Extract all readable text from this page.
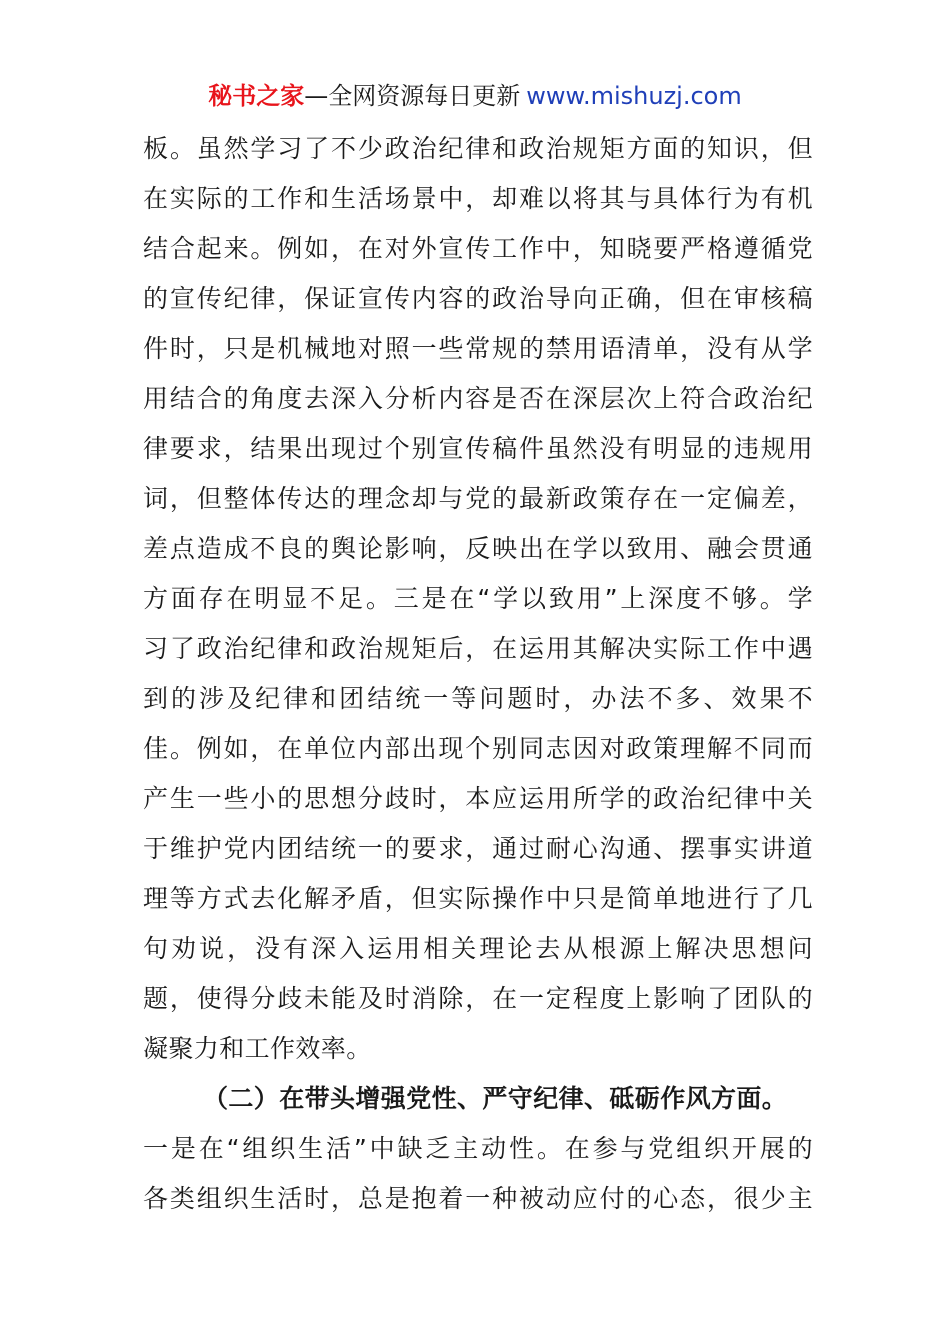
秘书之家—全网资源每日更新 www.mishuzj.com
板。虽然学习了不少政治纪律和政治规矩方面的知识，但
在实际的工作和生活场景中，却难以将其与具体行为有机
结合起来。例如，在对外宣传工作中，知晓要严格遵循党
的宣传纪律，保证宣传内容的政治导向正确，但在审核稿
件时，只是机械地对照一些常规的禁用语清单，没有从学
用结合的角度去深入分析内容是否在深层次上符合政治纪
律要求，结果出现过个别宣传稿件虽然没有明显的违规用
词，但整体传达的理念却与党的最新政策存在一定偏差，
差点造成不良的舆论影响，反映出在学以致用、融会贯通
方面存在明显不足。三是在“学以致用”上深度不够。学
习了政治纪律和政治规矩后，在运用其解决实际工作中遇
到的涉及纪律和团结统一等问题时，办法不多、效果不
佳。例如，在单位内部出现个别同志因对政策理解不同而
产生一些小的思想分歧时，本应运用所学的政治纪律中关
于维护党内团结统一的要求，通过耐心沟通、摆事实讲道
理等方式去化解矛盾，但实际操作中只是简单地进行了几
句劝说，没有深入运用相关理论去从根源上解决思想问
题，使得分歧未能及时消除，在一定程度上影响了团队的
凝聚力和工作效率。
（二）在带头增强党性、严守纪律、砥砺作风方面。
一是在“组织生活”中缺乏主动性。在参与党组织开展的
各类组织生活时，总是抱着一种被动应付的心态，很少主
